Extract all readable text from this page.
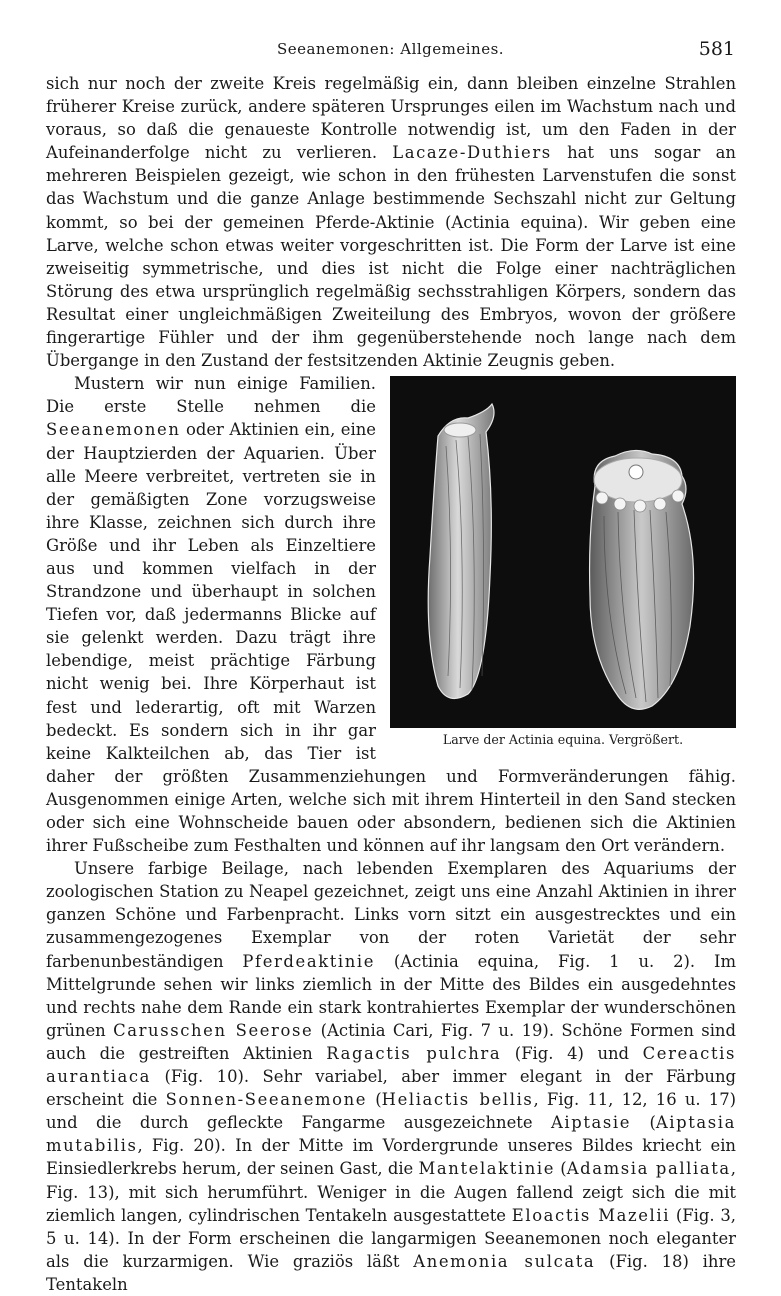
Seeanemonen: Allgemeines.	581

sich nur noch der zweite Kreis regelmäßig ein, dann bleiben einzelne Strahlen früherer Kreise zurück, andere späteren Ursprunges eilen im Wachstum nach und voraus, so daß die genaueste Kontrolle notwendig ist, um den Faden in der Aufeinanderfolge nicht zu verlieren. Lacaze-Duthiers hat uns sogar an mehreren Beispielen gezeigt, wie schon in den frühesten Larvenstufen die sonst das Wachstum und die ganze Anlage bestimmende Sechszahl nicht zur Geltung kommt, so bei der gemeinen Pferde-Aktinie (Actinia equina). Wir geben eine Larve, welche schon etwas weiter vorgeschritten ist. Die Form der Larve ist eine zweiseitig symmetrische, und dies ist nicht die Folge einer nachträglichen Störung des etwa ursprünglich regelmäßig sechsstrahligen Körpers, sondern das Resultat einer ungleichmäßigen Zweiteilung des Embryos, wovon der größere fingerartige Fühler und der ihm gegenüberstehende noch lange nach dem Übergange in den Zustand der festsitzenden Aktinie Zeugnis geben.

Larve der Actinia equina. Vergrößert.

Mustern wir nun einige Familien. Die erste Stelle nehmen die Seeanemonen oder Aktinien ein, eine der Hauptzierden der Aquarien. Über alle Meere verbreitet, vertreten sie in der gemäßigten Zone vorzugsweise ihre Klasse, zeichnen sich durch ihre Größe und ihr Leben als Einzeltiere aus und kommen vielfach in der Strandzone und überhaupt in solchen Tiefen vor, daß jedermanns Blicke auf sie gelenkt werden. Dazu trägt ihre lebendige, meist prächtige Färbung nicht wenig bei. Ihre Körperhaut ist fest und lederartig, oft mit Warzen bedeckt. Es sondern sich in ihr gar keine Kalkteilchen ab, das Tier ist daher der größten Zusammenziehungen und Formveränderungen fähig. Ausgenommen einige Arten, welche sich mit ihrem Hinterteil in den Sand stecken oder sich eine Wohnscheide bauen oder absondern, bedienen sich die Aktinien ihrer Fußscheibe zum Festhalten und können auf ihr langsam den Ort verändern.

Unsere farbige Beilage, nach lebenden Exemplaren des Aquariums der zoologischen Station zu Neapel gezeichnet, zeigt uns eine Anzahl Aktinien in ihrer ganzen Schöne und Farbenpracht. Links vorn sitzt ein ausgestrecktes und ein zusammengezogenes Exemplar von der roten Varietät der sehr farbenunbeständigen Pferdeaktinie (Actinia equina, Fig. 1 u. 2). Im Mittelgrunde sehen wir links ziemlich in der Mitte des Bildes ein ausgedehntes und rechts nahe dem Rande ein stark kontrahiertes Exemplar der wunderschönen grünen Carusschen Seerose (Actinia Cari, Fig. 7 u. 19). Schöne Formen sind auch die gestreiften Aktinien Ragactis pulchra (Fig. 4) und Cereactis aurantiaca (Fig. 10). Sehr variabel, aber immer elegant in der Färbung erscheint die Sonnen-Seeanemone (Heliactis bellis, Fig. 11, 12, 16 u. 17) und die durch gefleckte Fangarme ausgezeichnete Aiptasie (Aiptasia mutabilis, Fig. 20). In der Mitte im Vordergrunde unseres Bildes kriecht ein Einsiedlerkrebs herum, der seinen Gast, die Mantelaktinie (Adamsia palliata, Fig. 13), mit sich herumführt. Weniger in die Augen fallend zeigt sich die mit ziemlich langen, cylindrischen Tentakeln ausgestattete Eloactis Mazelii (Fig. 3, 5 u. 14). In der Form erscheinen die langarmigen Seeanemonen noch eleganter als die kurzarmigen. Wie graziös läßt Anemonia sulcata (Fig. 18) ihre Tentakeln
